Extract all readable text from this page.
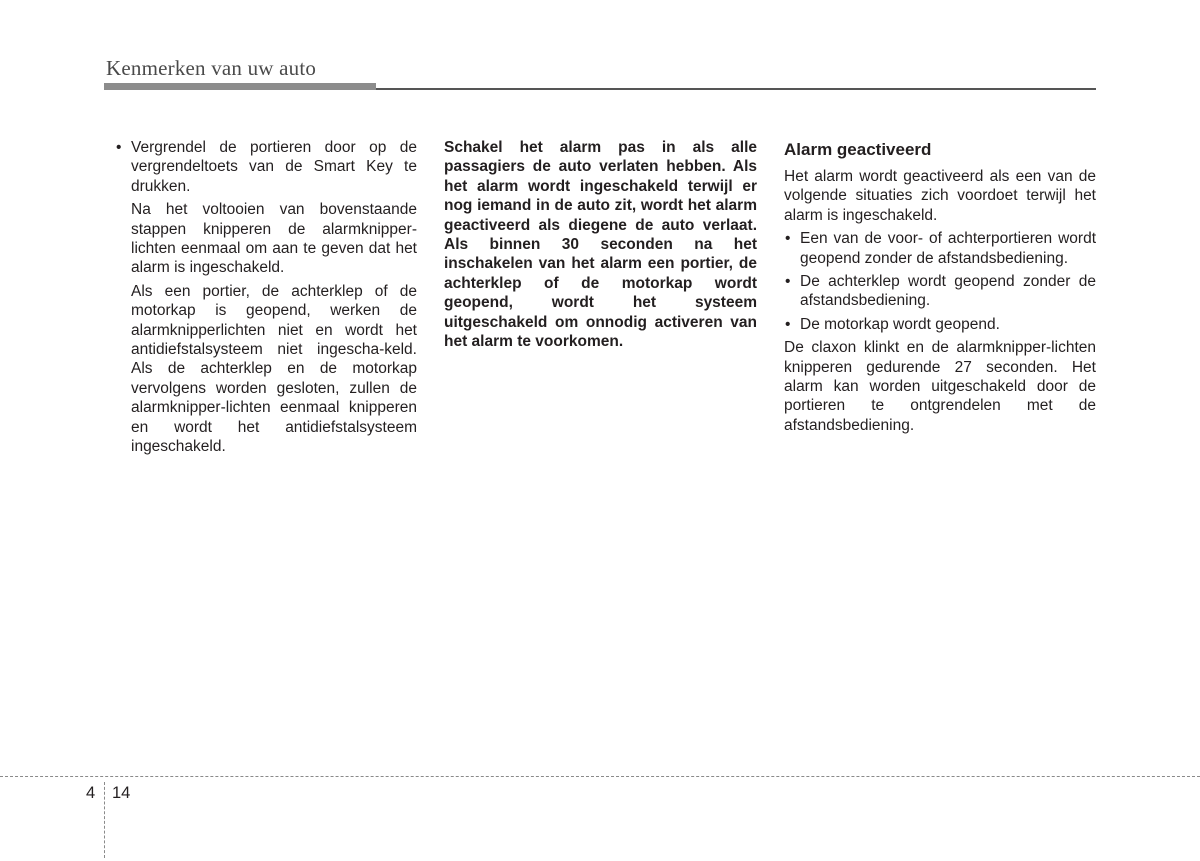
Kenmerken van uw auto

• Vergrendel de portieren door op de vergrendeltoets van de Smart Key te drukken.

Na het voltooien van bovenstaande stappen knipperen de alarmknipper-lichten eenmaal om aan te geven dat het alarm is ingeschakeld.

Als een portier, de achterklep of de motorkap is geopend, werken de alarmknipperlichten niet en wordt het antidiefstalsysteem niet ingescha-keld. Als de achterklep en de motorkap vervolgens worden gesloten, zullen de alarmknipper-lichten eenmaal knipperen en wordt het antidiefstalsysteem ingeschakeld.

Schakel het alarm pas in als alle passagiers de auto verlaten hebben. Als het alarm wordt ingeschakeld terwijl er nog iemand in de auto zit, wordt het alarm geactiveerd als diegene de auto verlaat. Als binnen 30 seconden na het inschakelen van het alarm een portier, de achterklep of de motorkap wordt geopend, wordt het systeem uitgeschakeld om onnodig activeren van het alarm te voorkomen.

Alarm geactiveerd

Het alarm wordt geactiveerd als een van de volgende situaties zich voordoet terwijl het alarm is ingeschakeld.

• Een van de voor- of achterportieren wordt geopend zonder de afstandsbediening.

• De achterklep wordt geopend zonder de afstandsbediening.

• De motorkap wordt geopend.

De claxon klinkt en de alarmknipper-lichten knipperen gedurende 27 seconden. Het alarm kan worden uitgeschakeld door de portieren te ontgrendelen met de afstandsbediening.

4 14
